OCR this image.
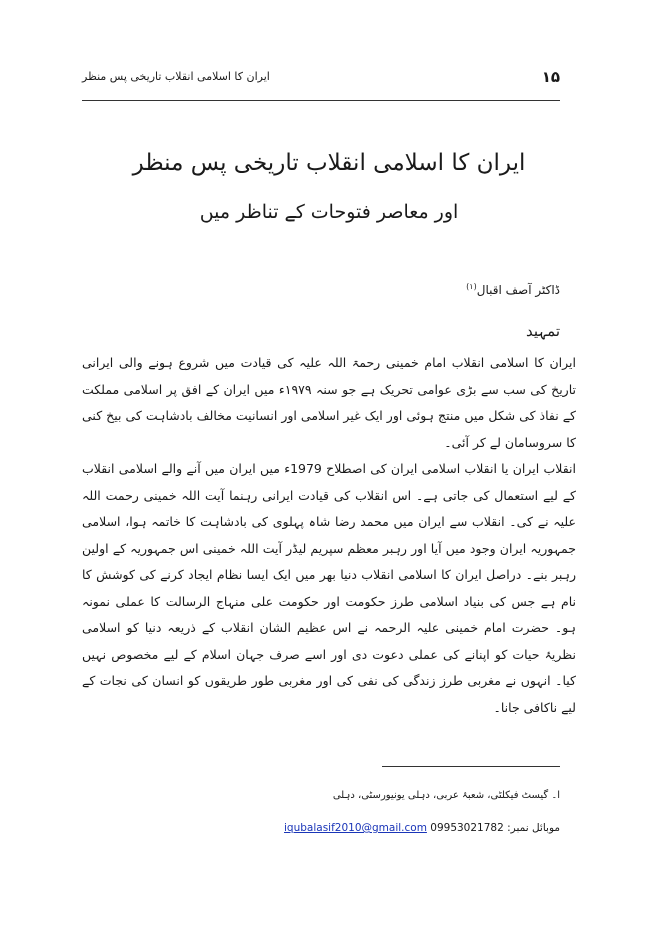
۱۵
ایران کا اسلامی انقلاب تاریخی پس منظر
ایران کا اسلامی انقلاب تاریخی پس منظر
اور معاصر فتوحات کے تناظر میں
ڈاکٹر آصف اقبال$^{(۱)}$
تمہید

ایران کا اسلامی انقلاب امام خمینی رحمۃ اللہ علیہ کی قیادت میں شروع ہونے والی ایرانی تاریخ کی سب سے بڑی عوامی تحریک ہے جو سنہ ۱۹۷۹ء میں ایران کے افق پر اسلامی مملکت کے نفاذ کی شکل میں منتج ہوئی اور ایک غیر اسلامی اور انسانیت مخالف بادشاہت کی بیخ کنی کا سروسامان لے کر آئی۔

انقلاب ایران یا انقلاب اسلامی ایران کی اصطلاح 1979ء میں ایران میں آنے والے اسلامی انقلاب کے لیے استعمال کی جاتی ہے۔ اس انقلاب کی قیادت ایرانی رہنما آیت اللہ خمینی رحمت اللہ علیہ نے کی۔ انقلاب سے ایران میں محمد رضا شاہ پہلوی کی بادشاہت کا خاتمہ ہوا، اسلامی جمہوریہ ایران وجود میں آیا اور رہبر معظم سپریم لیڈر آیت اللہ خمینی اس جمہوریہ کے اولین رہبر بنے۔ دراصل ایران کا اسلامی انقلاب دنیا بھر میں ایک ایسا نظام ایجاد کرنے کی کوشش کا نام ہے جس کی بنیاد اسلامی طرز حکومت اور حکومت علی منہاج الرسالت کا عملی نمونہ ہو۔ حضرت امام خمینی علیہ الرحمہ نے اس عظیم الشان انقلاب کے ذریعہ دنیا کو اسلامی نظریۂ حیات کو اپنانے کی عملی دعوت دی اور اسے صرف جہان اسلام کے لیے مخصوص نہیں کیا۔ انہوں نے مغربی طرز زندگی کی نفی کی اور مغربی طور طریقوں کو انسان کی نجات کے لیے ناکافی جانا۔

ا۔ گیسٹ فیکلٹی، شعبۂ عربی، دہلی یونیورسٹی، دہلی
موبائل نمبر: 09953021782 iqubalasif2010@gmail.com
